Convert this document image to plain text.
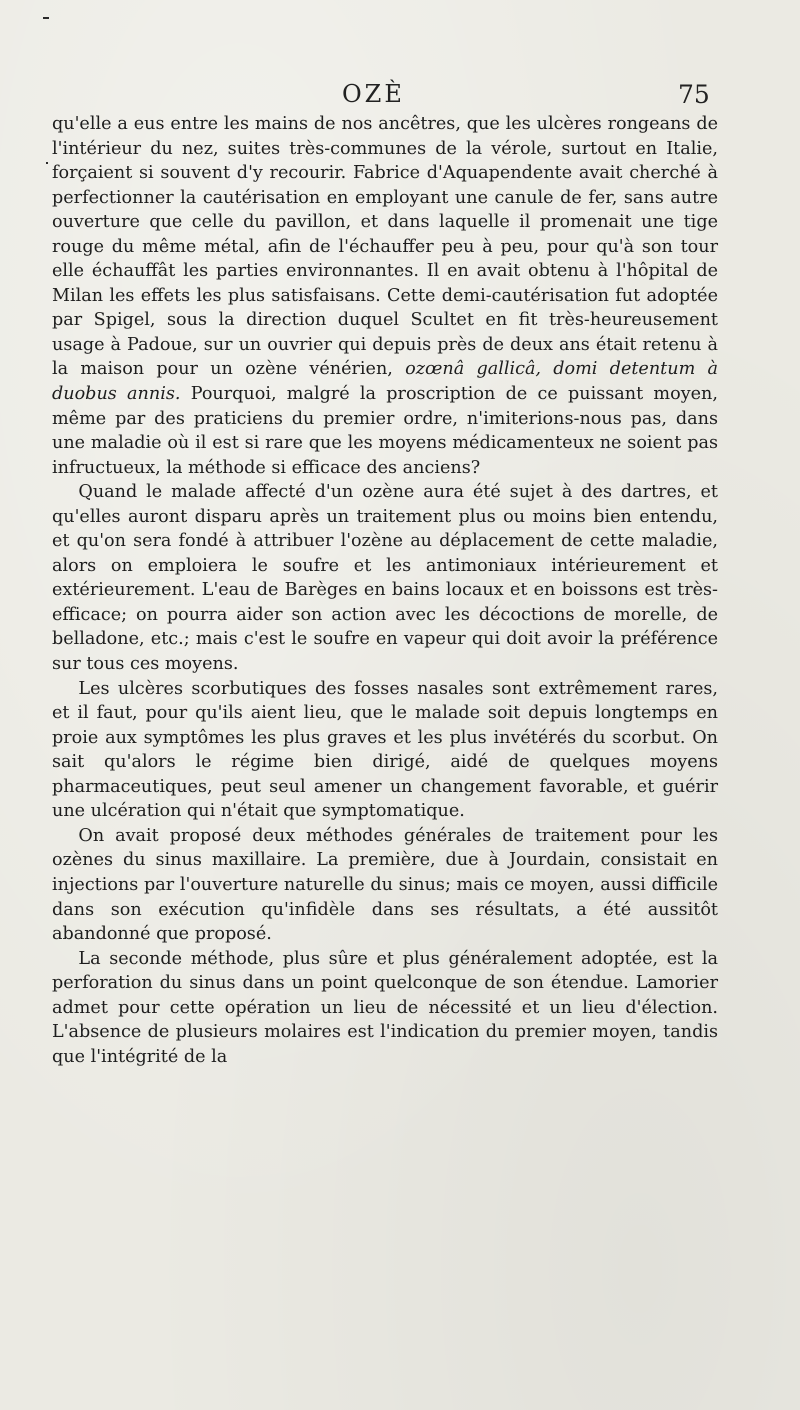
OZÈ	75

qu'elle a eus entre les mains de nos ancêtres, que les ulcères rongeans de l'intérieur du nez, suites très-communes de la vérole, surtout en Italie, forçaient si souvent d'y recourir. Fabrice d'Aquapendente avait cherché à perfectionner la cautérisation en employant une canule de fer, sans autre ouverture que celle du pavillon, et dans laquelle il promenait une tige rouge du même métal, afin de l'échauffer peu à peu, pour qu'à son tour elle échauffât les parties environnantes. Il en avait obtenu à l'hôpital de Milan les effets les plus satisfaisans. Cette demi-cautérisation fut adoptée par Spigel, sous la direction duquel Scultet en fit très-heureusement usage à Padoue, sur un ouvrier qui depuis près de deux ans était retenu à la maison pour un ozène vénérien, ozœnâ gallicâ, domi detentum à duobus annis. Pourquoi, malgré la proscription de ce puissant moyen, même par des praticiens du premier ordre, n'imiterions-nous pas, dans une maladie où il est si rare que les moyens médicamenteux ne soient pas infructueux, la méthode si efficace des anciens?

Quand le malade affecté d'un ozène aura été sujet à des dartres, et qu'elles auront disparu après un traitement plus ou moins bien entendu, et qu'on sera fondé à attribuer l'ozène au déplacement de cette maladie, alors on emploiera le soufre et les antimoniaux intérieurement et extérieurement. L'eau de Barèges en bains locaux et en boissons est très-efficace; on pourra aider son action avec les décoctions de morelle, de belladone, etc.; mais c'est le soufre en vapeur qui doit avoir la préférence sur tous ces moyens.

Les ulcères scorbutiques des fosses nasales sont extrêmement rares, et il faut, pour qu'ils aient lieu, que le malade soit depuis longtemps en proie aux symptômes les plus graves et les plus invétérés du scorbut. On sait qu'alors le régime bien dirigé, aidé de quelques moyens pharmaceutiques, peut seul amener un changement favorable, et guérir une ulcération qui n'était que symptomatique.

On avait proposé deux méthodes générales de traitement pour les ozènes du sinus maxillaire. La première, due à Jourdain, consistait en injections par l'ouverture naturelle du sinus; mais ce moyen, aussi difficile dans son exécution qu'infidèle dans ses résultats, a été aussitôt abandonné que proposé.

La seconde méthode, plus sûre et plus généralement adoptée, est la perforation du sinus dans un point quelconque de son étendue. Lamorier admet pour cette opération un lieu de nécessité et un lieu d'élection. L'absence de plusieurs molaires est l'indication du premier moyen, tandis que l'intégrité de la
